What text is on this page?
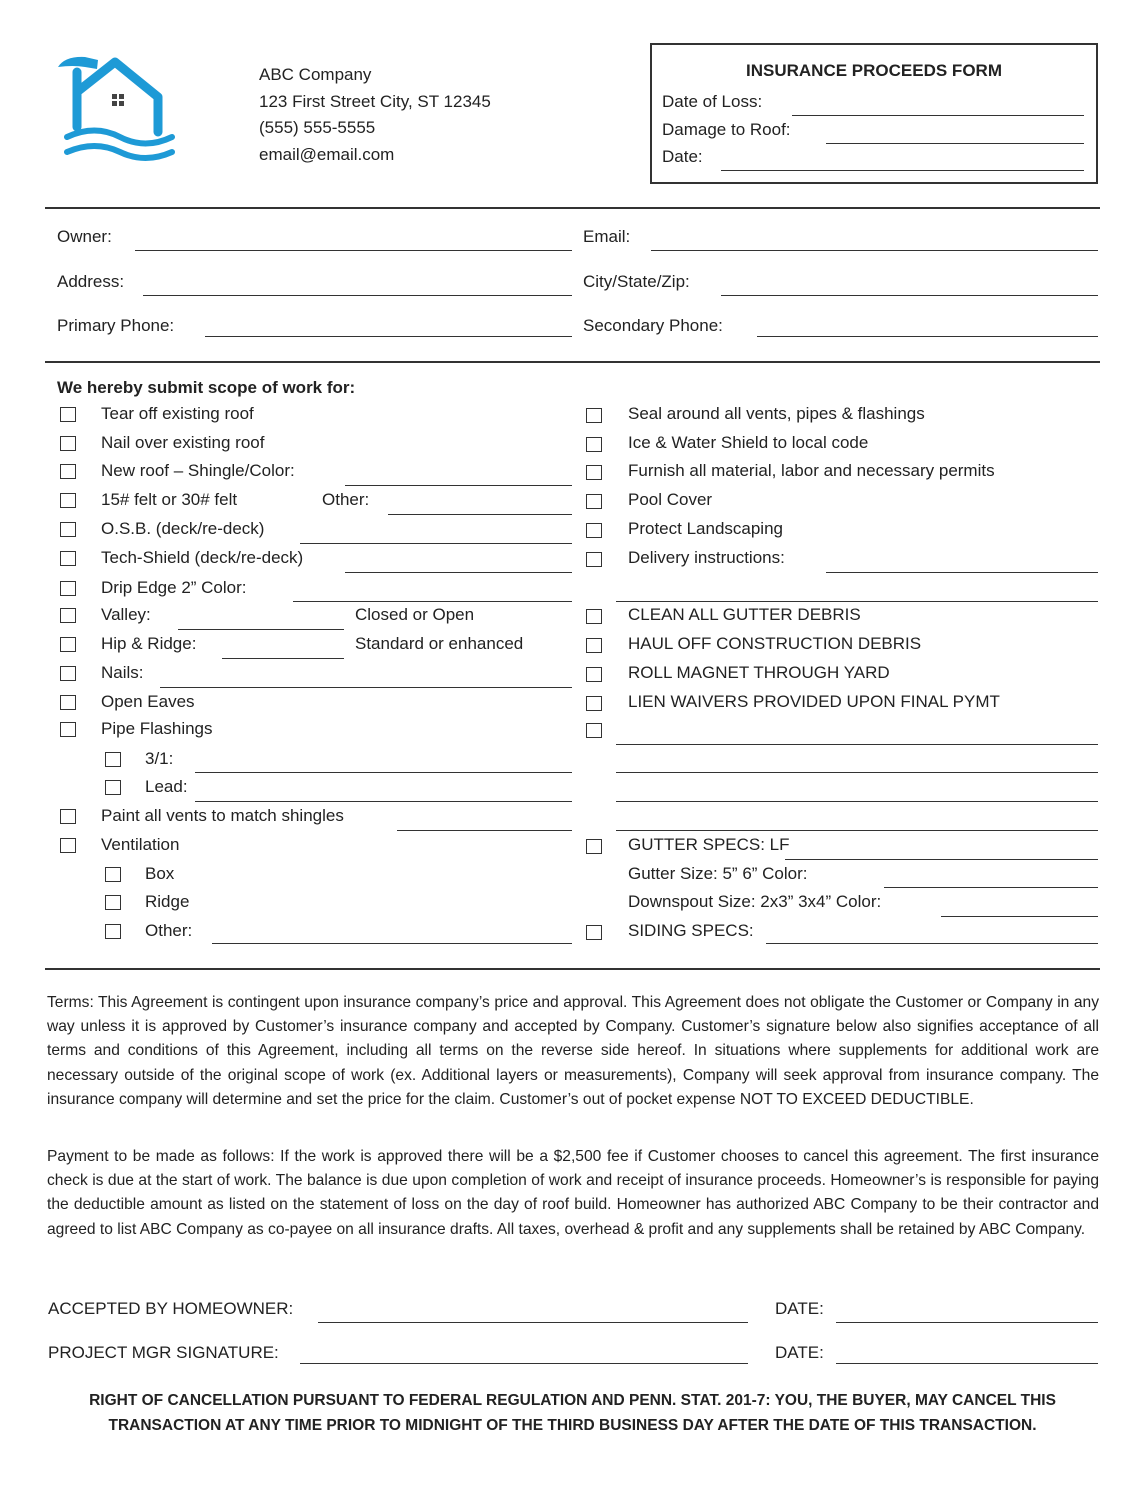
ABC Company
123 First Street City, ST 12345
(555) 555-5555
email@email.com
INSURANCE PROCEEDS FORM
Date of Loss:
Damage to Roof:
Date:
Owner:	Email:
Address:	City/State/Zip:
Primary Phone:	Secondary Phone:
We hereby submit scope of work for:
Tear off existing roof
Nail over existing roof
New roof – Shingle/Color:
15# felt or 30# felt	Other:
O.S.B. (deck/re-deck)
Tech-Shield (deck/re-deck)
Drip Edge 2” Color:
Valley:	Closed or Open
Hip & Ridge:	Standard or enhanced
Nails:
Open Eaves
Pipe Flashings
3/1:
Lead:
Paint all vents to match shingles
Ventilation
Box
Ridge
Other:
Seal around all vents, pipes & flashings
Ice & Water Shield to local code
Furnish all material, labor and necessary permits
Pool Cover
Protect Landscaping
Delivery instructions:
CLEAN ALL GUTTER DEBRIS
HAUL OFF CONSTRUCTION DEBRIS
ROLL MAGNET THROUGH YARD
LIEN WAIVERS PROVIDED UPON FINAL PYMT
GUTTER SPECS: LF
Gutter Size: 5” 6” Color:
Downspout Size: 2x3” 3x4” Color:
SIDING SPECS:
Terms: This Agreement is contingent upon insurance company’s price and approval. This Agreement does not obligate the Customer or Company in any way unless it is approved by Customer’s insurance company and accepted by Company. Customer’s signature below also signifies acceptance of all terms and conditions of this Agreement, including all terms on the reverse side hereof. In situations where supplements for additional work are necessary outside of the original scope of work (ex. Additional layers or measurements), Company will seek approval from insurance company. The insurance company will determine and set the price for the claim. Customer’s out of pocket expense NOT TO EXCEED DEDUCTIBLE.
Payment to be made as follows: If the work is approved there will be a $2,500 fee if Customer chooses to cancel this agreement. The first insurance check is due at the start of work. The balance is due upon completion of work and receipt of insurance proceeds. Homeowner’s is responsible for paying the deductible amount as listed on the statement of loss on the day of roof build. Homeowner has authorized ABC Company to be their contractor and agreed to list ABC Company as co-payee on all insurance drafts. All taxes, overhead & profit and any supplements shall be retained by ABC Company.
ACCEPTED BY HOMEOWNER:	DATE:
PROJECT MGR SIGNATURE:	DATE:
RIGHT OF CANCELLATION PURSUANT TO FEDERAL REGULATION AND PENN. STAT. 201-7: YOU, THE BUYER, MAY CANCEL THIS
TRANSACTION AT ANY TIME PRIOR TO MIDNIGHT OF THE THIRD BUSINESS DAY AFTER THE DATE OF THIS TRANSACTION.
